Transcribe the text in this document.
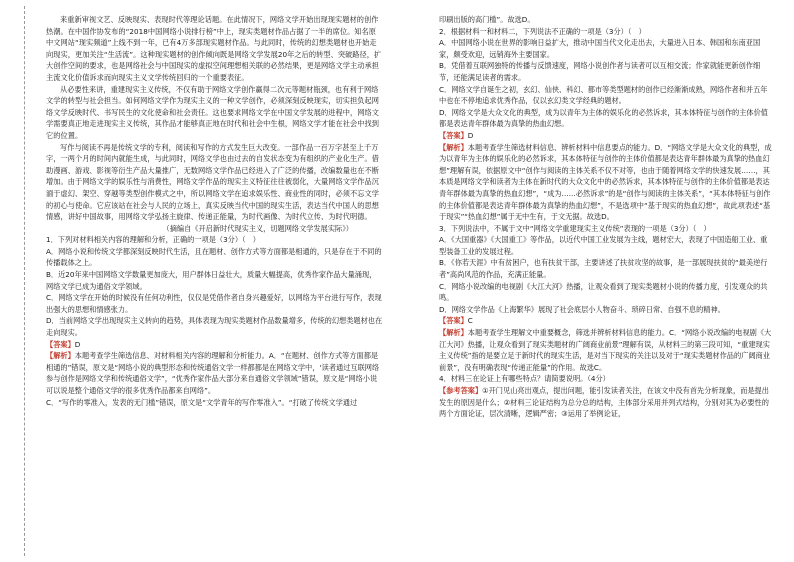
来重新审视文艺、反映现实、表现时代等理论话题。在此情况下，网络文学开始出现现实题材的创作热潮。在中国作协发布的“2018中国网络小说排行榜”中上，现实类题材作品占据了一半的席位。知名原中文网站“现实频道”上线不到一年，已有4万多部现实题材作品。与此同时，传统的幻想类题材也开始走向现实，更加关注“生活流”。这种现实题材的创作倾向既是网络文学发展20年之后的转型、突破路径，扩大创作空间的要求，也是网络社会与中国现实的虚拟空间理想相关联的必然结果，更是网络文学主动承担主流文化价值诉求而向现实主义文学传统回归的一个重要表征。

从必要性来讲，重建现实主义传统，不仅有助于网络文学创作赢得二次元等题材瓶颈，也有利于网络文学的转型与社会担当。如何网络文学作为现实主义的一种文学创作，必须深刻反映现实，切实担负起网络文学反映时代、书写民生的文化使命和社会责任。这也要求网络文学在中国文学发展的进程中，网络文学需要真正地走进现实主义传统，其作品才能够真正地在时代和社会中生根，网络文学才能在社会中找到它的位置。

写作与阅读不再是传统文学的专利，阅读和写作的方式发生巨大改变。一部作品一百万字甚至上千万字，一两个月的时间内就能生成，与此同时，网络文学也由过去的自发状态变为有组织的产业化生产。借助漫画、游戏、影视等衍生产品大量推广，无数网络文学作品已经进入了广泛的传播，改编数量也在不断增加。由于网络文学的娱乐性与消费性，网络文学作品的现实主义特征往往被弱化，大量网络文学作品沉湎于虚幻、架空、穿越等类型创作模式之中，所以网络文学在追求娱乐性、商业性的同时，必须不忘文学的初心与使命。它应该站在社会与人民的立场上，真实反映当代中国的现实生活，表达当代中国人的思想情感，讲好中国故事，用网络文学弘扬主旋律、传递正能量，为时代画像、为时代立传、为时代明德。

（摘编自《开启新时代现实主义，切题网络文学发展实际》）

1．下列对材料相关内容的理解和分析，正确的一项是（3分）（　）

A．网络小说和传统文学都深刻反映时代生活，且在题材、创作方式等方面都是相通的，只是存在于不同的传播载体之上。

B．近20年来中国网络文学数量更加庞大，用户群体日益壮大，质量大幅提高，优秀作家作品大量涌现，网络文学已成为通俗文学领域。

C．网络文学在开始的时候没有任何功利性，仅仅是凭借作者自身兴趣爱好，以网络为平台进行写作，表现出强大的思想和情感张力。

D．当前网络文学出现现实主义转向的趋势，具体表现为现实类题材作品数量增多，传统的幻想类题材也在走向现实。

【答案】D

【解析】本题考查学生筛选信息、对材料相关内容的理解和分析能力。A．“在题材、创作方式等方面都是相通的”错误，原文是“网络小说的典型形态和传统通俗文学一样都都是在网络文学中，‘读者通过互联网络参与创作是网络文学和传统通俗文学”，“优秀作家作品大部分来自通俗文学领域”错误，原文是“网络小说可以说是整个通俗文学的很多优秀作品都来自网络”。

C．“写作的零准入，发表的无门槛”错误，原文是“文学青年的写作零准入”。“打破了传统文学通过

印刷出版的高门槛”。故选D。

2．根据材料一和材料二，下列说法不正确的一项是（3分）（　）

A．中国网络小说在世界的影响日益扩大，推动中国当代文化走出去，大量进入日本、韩国和东南亚国家，颇受欢迎，远销海外主要国家。

B．凭借着互联网独特的传播与反馈速度，网络小说创作者与读者可以互相交流；作家就能更新创作细节，还能满足读者的需求。

C．网络文学自诞生之初，玄幻、仙侠、科幻、都市等类型题材的创作已经渐渐成熟，网络作者和并五年中也在不停地追求优秀作品，仅以玄幻类文学经典的题材。

D．网络文学是大众文化的典型，成为以青年为主体的娱乐化的必然诉求，其本体特征与创作的主体价值都是表达青年群体最为真挚的热血幻想。

【答案】D

【解析】本题考查学生筛选材料信息、辨析材料中信息要点的能力。D．“网络文学是大众文化的典型，成为以青年为主体的娱乐化的必然诉求，其本体特征与创作的主体价值都是表达青年群体最为真挚的热血幻想”理解有误，依据原文中“创作与阅读的主体关系不仅不对等，也由于随着网络文学的快速发展……，其本质是网络文学和读者为主体在新时代的大众文化中的必然诉求，其本体特征与创作的主体价值都是表达青年群体最为真挚的热血幻想”，“成为……必然诉求”的是“创作与阅读的主体关系”，“其本体特征与创作的主体价值都是表达青年群体最为真挚的热血幻想”，不是选项中“基于现实的热血幻想”，故此项表述“基于现实”“热血幻想”属于无中生有，于文无据。故选D。

3．下列说法中，不属于文中“网络文学重建现实主义传统”表现的一项是（3分）（　）

A．《大国重器》《大国重工》等作品，以近代中国工业发展为主线，题材宏大，表现了中国造船工业、重型装备工业的发展过程。

B．《你若天涯》中有贫困户，也有扶贫干部，主要讲述了扶贫攻坚的故事，是一部展现扶贫的“最美逆行者”高尚风范的作品，充满正能量。

C．网络小说改编的电视剧《大江大河》热播，让观众看到了现实类题材小说的传播力度，引发观众的共鸣。

D．网络文学作品《上海繁华》展现了社会底层小人物奋斗、琐碎日常、自强不息的精神。

【答案】C

【解析】本题考查学生理解文中重要概念，筛选并辨析材料信息的能力。C．“网络小说改编的电视剧《大江大河》热播，让观众看到了现实类题材的广阔商业前景”理解有误，从材料三的第三段可知，“重建现实主义传统”指的是要立足于新时代的现实生活，是对当下现实的关注以及对于“现实类题材作品的广阔商业前景”，没有明确表现“传递正能量”的作用。故选C。

4．材料三在论证上有哪些特点？请简要说明。（4分）

【参考答案】①开门见山亮出观点，提出问题，能引发读者关注，在该文中没有首先分析现象，而是提出发生的原因是什么；②材料三论证结构为总分总的结构，主体部分采用并列式结构，分别对其为必要性的两个方面论证，层次清晰，逻辑严密；③运用了举例论证，
